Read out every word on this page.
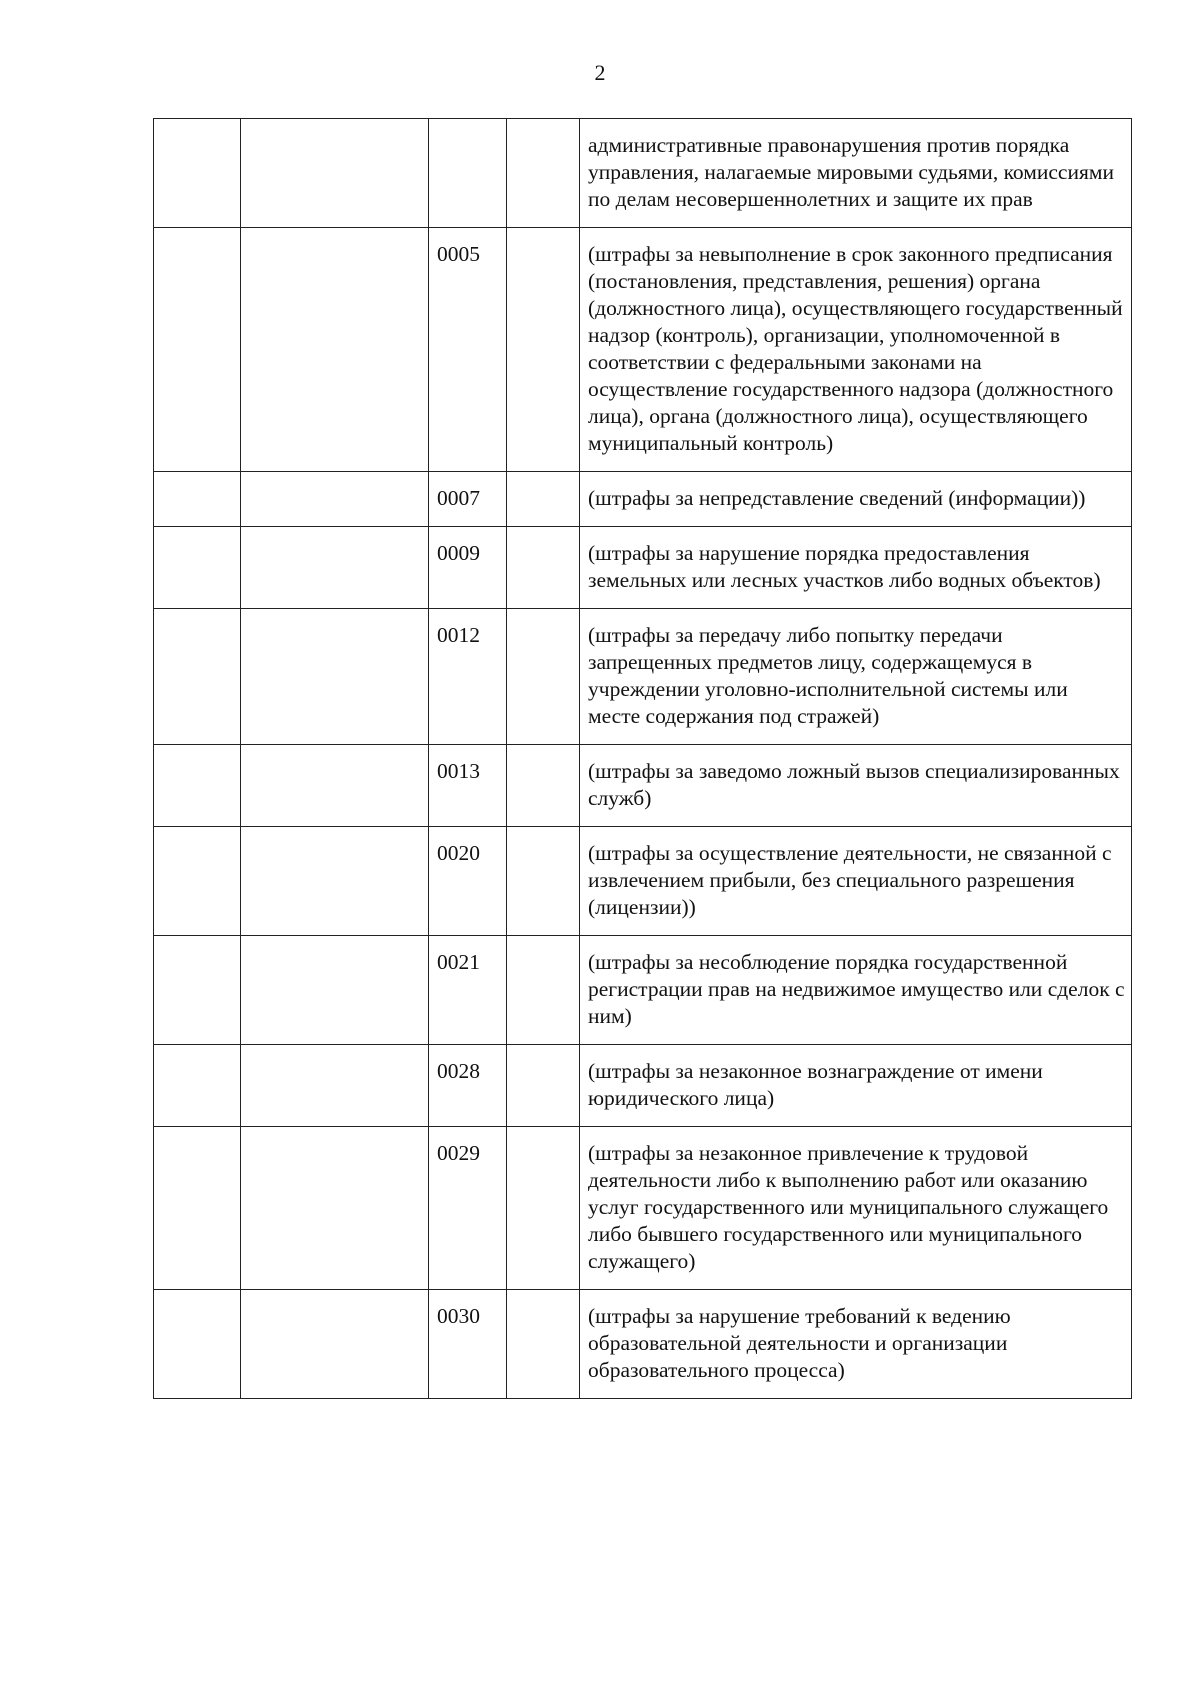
2
				административные правонарушения против порядка управления, налагаемые мировыми судьями, комиссиями по делам несовершеннолетних и защите их прав
		0005		(штрафы за невыполнение в срок законного предписания (постановления, представления, решения) органа (должностного лица), осуществляющего государственный надзор (контроль), организации, уполномоченной в соответствии с федеральными законами на осуществление государственного надзора (должностного лица), органа (должностного лица), осуществляющего муниципальный контроль)
		0007		(штрафы за непредставление сведений (информации))
		0009		(штрафы за нарушение порядка предоставления земельных или лесных участков либо водных объектов)
		0012		(штрафы за передачу либо попытку передачи запрещенных предметов лицу, содержащемуся в учреждении уголовно-исполнительной системы или месте содержания под стражей)
		0013		(штрафы за заведомо ложный вызов специализированных служб)
		0020		(штрафы за осуществление деятельности, не связанной с извлечением прибыли, без специального разрешения (лицензии))
		0021		(штрафы за несоблюдение порядка государственной регистрации прав на недвижимое имущество или сделок с ним)
		0028		(штрафы за незаконное вознаграждение от имени юридического лица)
		0029		(штрафы за незаконное привлечение к трудовой деятельности либо к выполнению работ или оказанию услуг государственного или муниципального служащего либо бывшего государственного или муниципального служащего)
		0030		(штрафы за нарушение требований к ведению образовательной деятельности и организации образовательного процесса)
